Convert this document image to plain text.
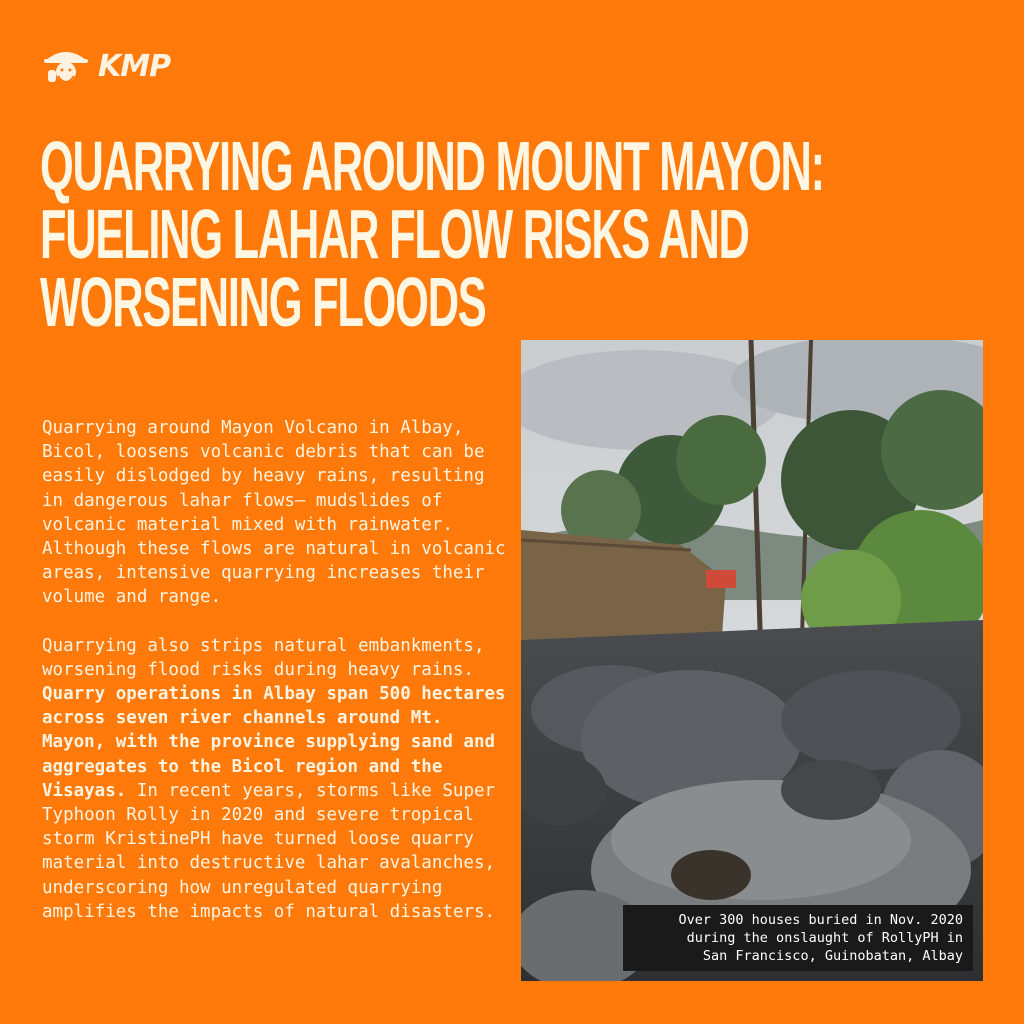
KMP
QUARRYING AROUND MOUNT MAYON:
FUELING LAHAR FLOW RISKS AND
WORSENING FLOODS

Quarrying around Mayon Volcano in Albay, Bicol, loosens volcanic debris that can be easily dislodged by heavy rains, resulting in dangerous lahar flows— mudslides of volcanic material mixed with rainwater. Although these flows are natural in volcanic areas, intensive quarrying increases their volume and range.

Quarrying also strips natural embankments, worsening flood risks during heavy rains. Quarry operations in Albay span 500 hectares across seven river channels around Mt. Mayon, with the province supplying sand and aggregates to the Bicol region and the Visayas. In recent years, storms like Super Typhoon Rolly in 2020 and severe tropical storm KristinePH have turned loose quarry material into destructive lahar avalanches, underscoring how unregulated quarrying amplifies the impacts of natural disasters.	Over 300 houses buried in Nov. 2020
during the onslaught of RollyPH in
San Francisco, Guinobatan, Albay
